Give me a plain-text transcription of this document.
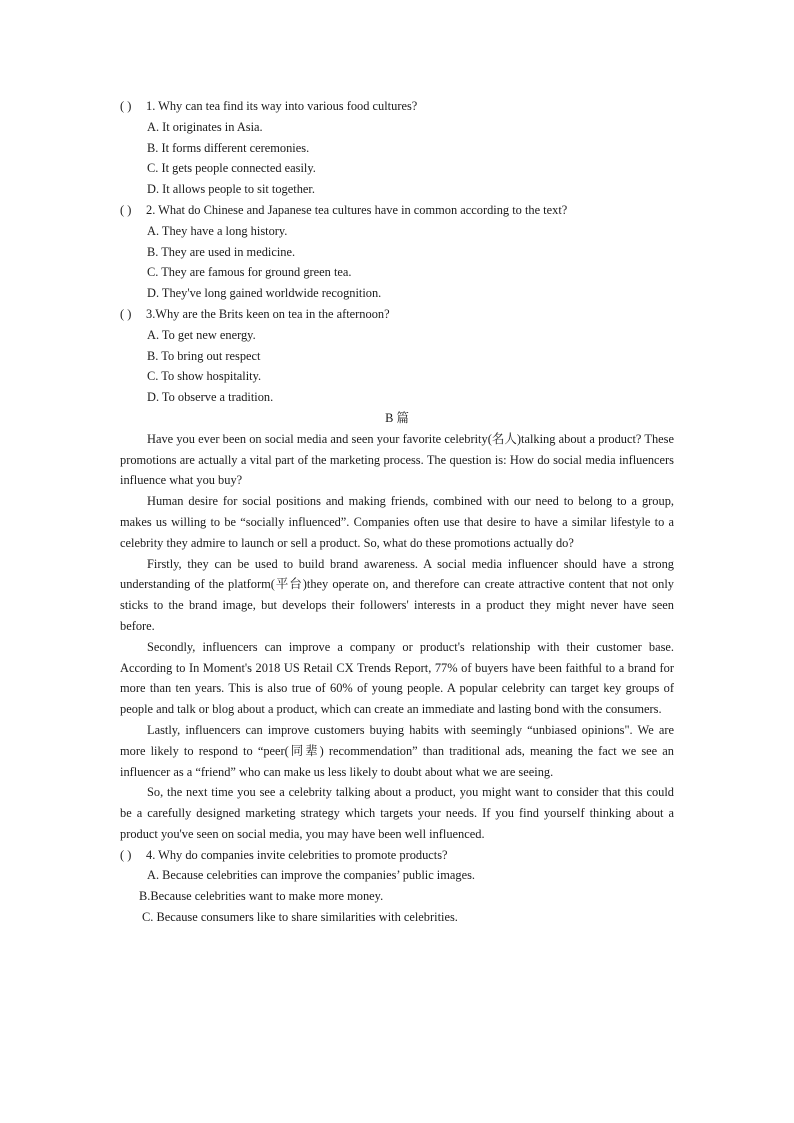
( ) 1. Why can tea find its way into various food cultures?
A. It originates in Asia.
B. It forms different ceremonies.
C. It gets people connected easily.
D. It allows people to sit together.
( ) 2. What do Chinese and Japanese tea cultures have in common according to the text?
A. They have a long history.
B. They are used in medicine.
C. They are famous for ground green tea.
D. They've long gained worldwide recognition.
( ) 3.Why are the Brits keen on tea in the afternoon?
A. To get new energy.
B. To bring out respect
C. To show hospitality.
D. To observe a tradition.
B 篇
Have you ever been on social media and seen your favorite celebrity(名人)talking about a product? These promotions are actually a vital part of the marketing process. The question is: How do social media influencers influence what you buy?
Human desire for social positions and making friends, combined with our need to belong to a group, makes us willing to be “socially influenced”. Companies often use that desire to have a similar lifestyle to a celebrity they admire to launch or sell a product. So, what do these promotions actually do?
Firstly, they can be used to build brand awareness. A social media influencer should have a strong understanding of the platform(平台)they operate on, and therefore can create attractive content that not only sticks to the brand image, but develops their followers' interests in a product they might never have seen before.
Secondly, influencers can improve a company or product's relationship with their customer base. According to In Moment's 2018 US Retail CX Trends Report, 77% of buyers have been faithful to a brand for more than ten years. This is also true of 60% of young people. A popular celebrity can target key groups of people and talk or blog about a product, which can create an immediate and lasting bond with the consumers.
Lastly, influencers can improve customers buying habits with seemingly “unbiased opinions". We are more likely to respond to “peer(同辈) recommendation” than traditional ads, meaning the fact we see an influencer as a “friend” who can make us less likely to doubt about what we are seeing.
So, the next time you see a celebrity talking about a product, you might want to consider that this could be a carefully designed marketing strategy which targets your needs. If you find yourself thinking about a product you've seen on social media, you may have been well influenced.
( ) 4. Why do companies invite celebrities to promote products?
A. Because celebrities can improve the companies’ public images.
B.Because celebrities want to make more money.
C. Because consumers like to share similarities with celebrities.
